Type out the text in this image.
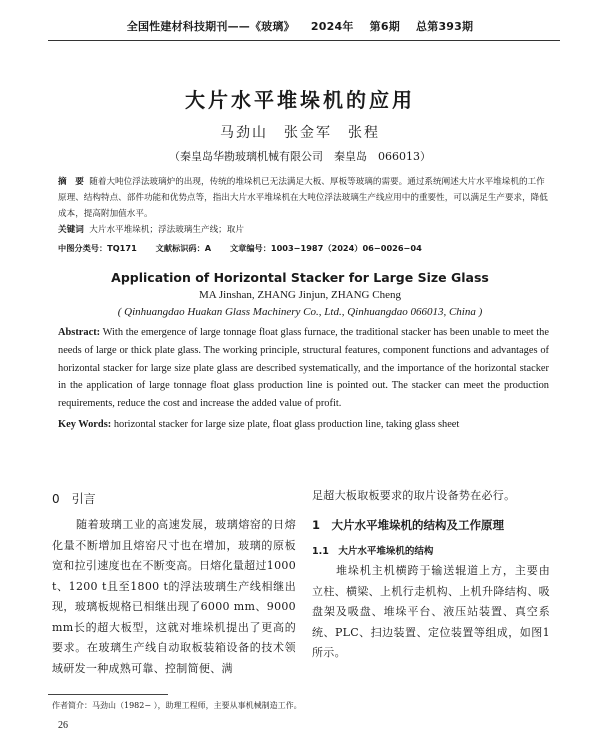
全国性建材科技期刊——《玻璃》 2024年 第6期 总第393期
大片水平堆垛机的应用
马劲山　张金军　张程
（秦皇岛华勘玻璃机械有限公司　秦皇岛　066013）
摘　要 随着大吨位浮法玻璃炉的出现，传统的堆垛机已无法满足大板、厚板等玻璃的需要。通过系统阐述大片水平堆垛机的工作原理、结构特点、部件功能和优势点等，指出大片水平堆垛机在大吨位浮法玻璃生产线应用中的重要性，可以满足生产要求，降低成本，提高附加值水平。
关键词 大片水平堆垛机；浮法玻璃生产线；取片
中图分类号：TQ171 文献标识码：A 文章编号：1003−1987（2024）06−0026−04
Application of Horizontal Stacker for Large Size Glass
MA Jinshan, ZHANG Jinjun, ZHANG Cheng
( Qinhuangdao Huakan Glass Machinery Co., Ltd., Qinhuangdao 066013, China )
Abstract: With the emergence of large tonnage float glass furnace, the traditional stacker has been unable to meet the needs of large or thick plate glass. The working principle, structural features, component functions and advantages of horizontal stacker for large size plate glass are described systematically, and the importance of the horizontal stacker in the application of large tonnage float glass production line is pointed out. The stacker can meet the production requirements, reduce the cost and increase the added value of profit.
Key Words: horizontal stacker for large size plate, float glass production line, taking glass sheet
0　引言
随着玻璃工业的高速发展，玻璃熔窑的日熔化量不断增加且熔窑尺寸也在增加，玻璃的原板宽和拉引速度也在不断变高。日熔化量超过1000 t、1200 t且至1800 t的浮法玻璃生产线相继出现，玻璃板规格已相继出现了6000 mm、9000 mm长的超大板型，这就对堆垛机提出了更高的要求。在玻璃生产线自动取板装箱设备的技术领域研发一种成熟可靠、控制简便、满
足超大板取板要求的取片设备势在必行。
1　大片水平堆垛机的结构及工作原理
1.1　大片水平堆垛机的结构
堆垛机主机横跨于输送辊道上方，主要由立柱、横梁、上机行走机构、上机升降结构、吸盘架及吸盘、堆垛平台、液压站装置、真空系统、PLC、扫边装置、定位装置等组成，如图1所示。
作者简介：马劲山（1982− ），助理工程师，主要从事机械制造工作。
26
